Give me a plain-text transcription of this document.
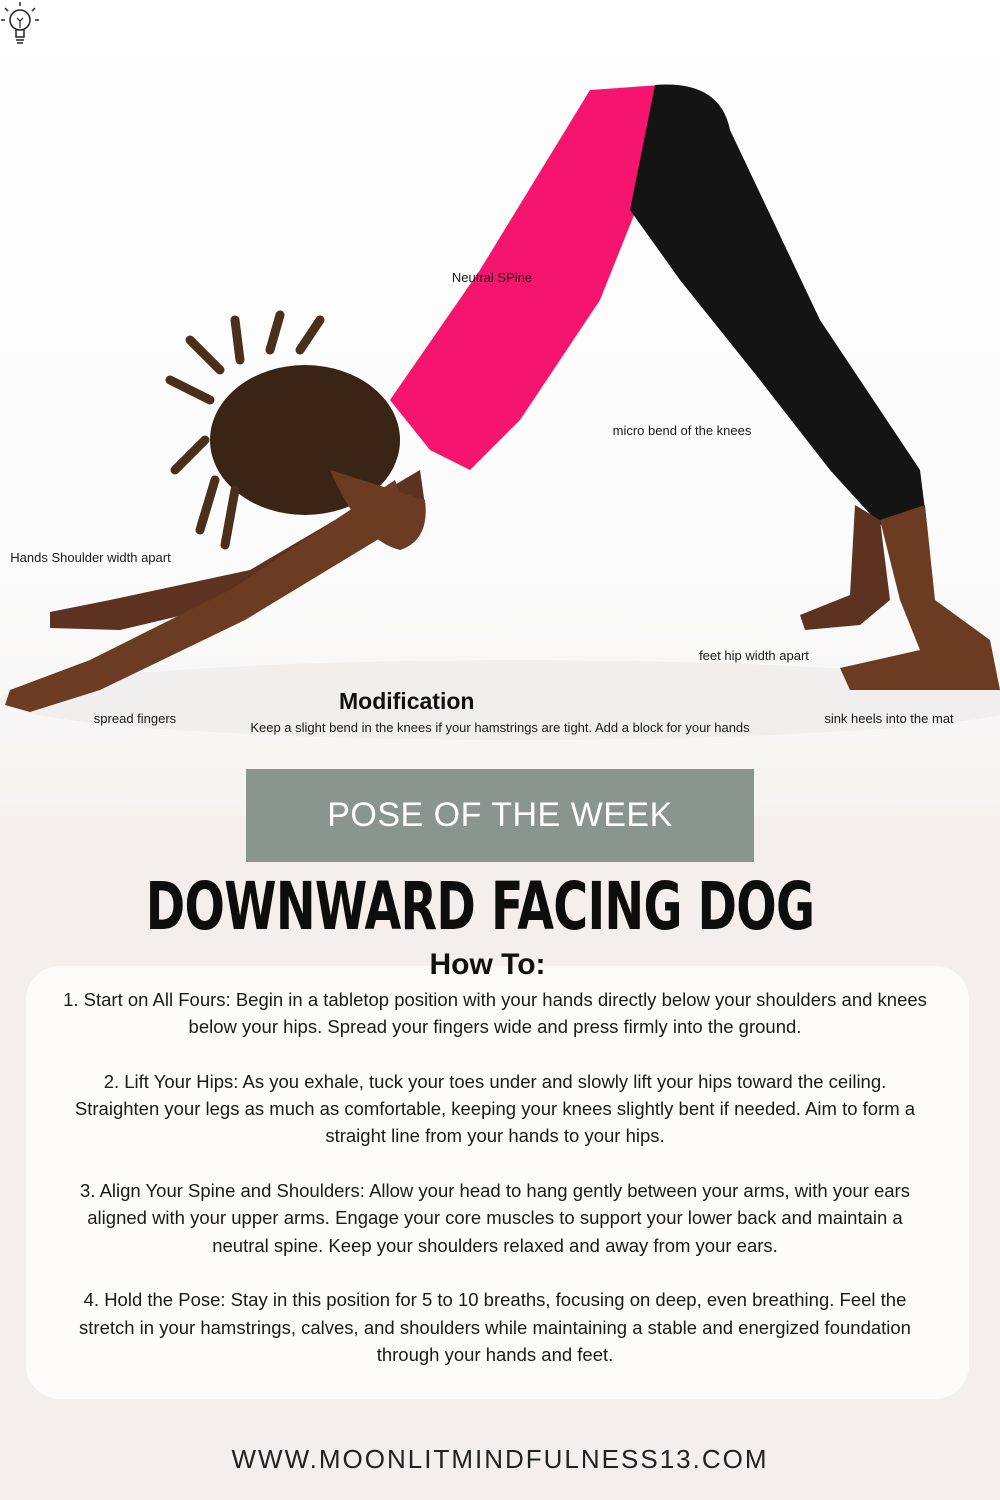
Neutral SPine
micro bend of the knees
Hands Shoulder width apart
feet hip width apart
spread fingers	sink heels into the mat
Modification
Keep a slight bend in the knees if your hamstrings are tight. Add a block for your hands
POSE OF THE WEEK
DOWNWARD FACING DOG
How To:

1. Start on All Fours: Begin in a tabletop position with your hands directly below your shoulders and knees below your hips. Spread your fingers wide and press firmly into the ground.

2. Lift Your Hips: As you exhale, tuck your toes under and slowly lift your hips toward the ceiling. Straighten your legs as much as comfortable, keeping your knees slightly bent if needed. Aim to form a straight line from your hands to your hips.

3. Align Your Spine and Shoulders: Allow your head to hang gently between your arms, with your ears aligned with your upper arms. Engage your core muscles to support your lower back and maintain a neutral spine. Keep your shoulders relaxed and away from your ears.

4. Hold the Pose: Stay in this position for 5 to 10 breaths, focusing on deep, even breathing. Feel the stretch in your hamstrings, calves, and shoulders while maintaining a stable and energized foundation through your hands and feet.

WWW.MOONLITMINDFULNESS13.COM
